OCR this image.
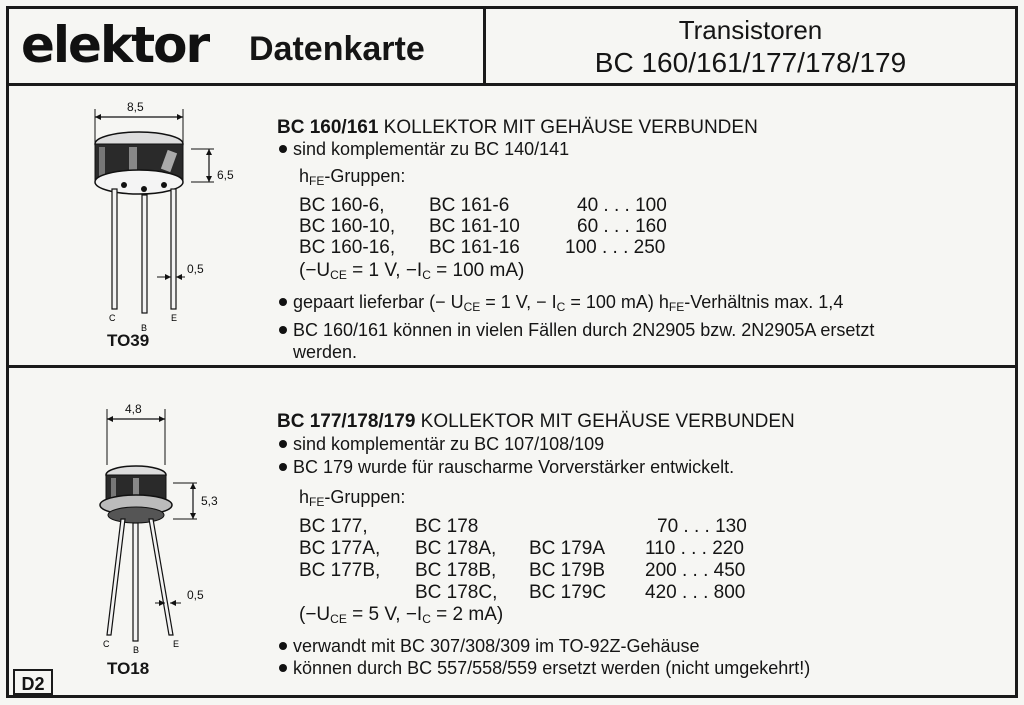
elektor Datenkarte	Transistoren
BC 160/161/177/178/179
8,5
6,5
0,5
C
B
E
TO39
BC 160/161 KOLLEKTOR MIT GEHÄUSE VERBUNDEN
sind komplementär zu BC 140/141
$h_{FE}$-Gruppen:
BC 160-6, BC 161-6	40 . . . 100
BC 160-10, BC 161-10	60 . . . 160
BC 160-16, BC 161-16 100 . . . 250
($-U_{CE} = 1$ V, $-I_C = 100$ mA)
gepaart lieferbar (− $U_{CE} = 1$ V, − $I_C = 100$ mA) $h_{FE}$-Verhältnis max. 1,4
BC 160/161 können in vielen Fällen durch 2N2905 bzw. 2N2905A ersetzt
werden.
4,8
5,3
0,5
C
B
E
TO18
BC 177/178/179 KOLLEKTOR MIT GEHÄUSE VERBUNDEN
sind komplementär zu BC 107/108/109
BC 179 wurde für rauscharme Vorverstärker entwickelt.
$h_{FE}$-Gruppen:
BC 177, BC 178	70 . . . 130
BC 177A, BC 178A, BC 179A 110 . . . 220
BC 177B, BC 178B, BC 179B 200 . . . 450
BC 178C, BC 179C 420 . . . 800
($-U_{CE} = 5$ V, $-I_C = 2$ mA)
verwandt mit BC 307/308/309 im TO-92Z-Gehäuse
können durch BC 557/558/559 ersetzt werden (nicht umgekehrt!)
D2
